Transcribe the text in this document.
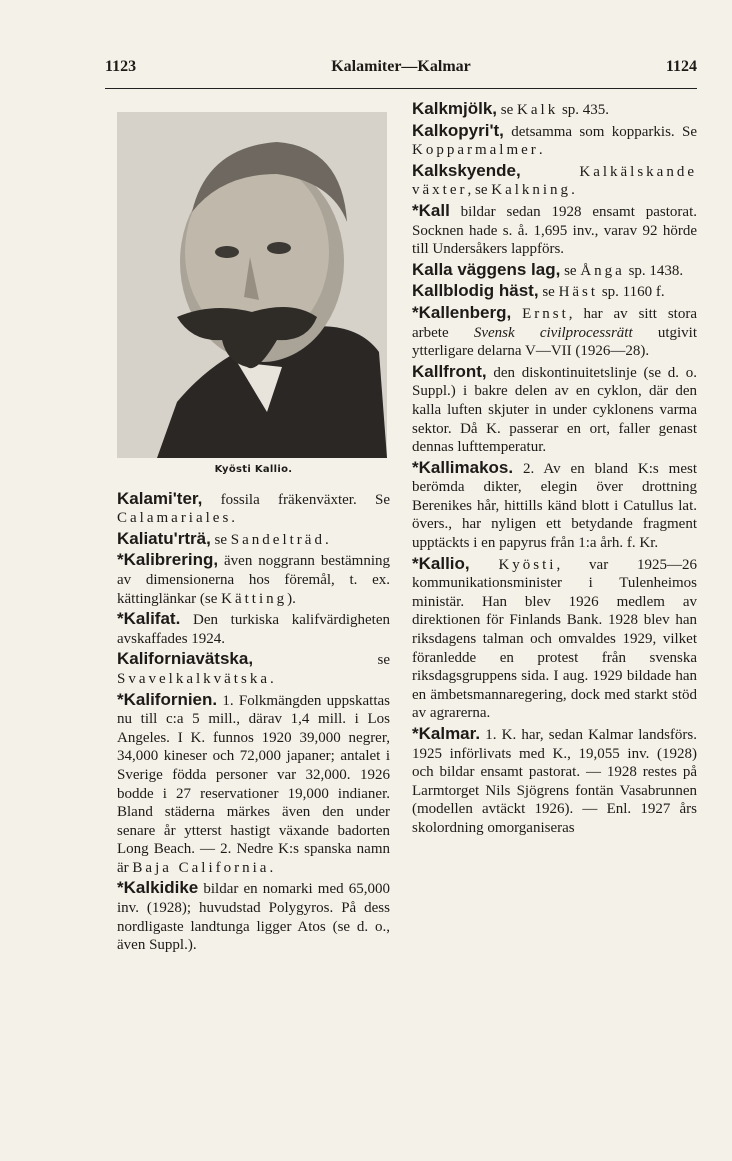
Kalamiter—Kalmar
1123	1124
Kyösti Kallio.

Kalami'ter, fossila fräkenväxter. Se Calamariales.

Kaliatu'rträ, se Sandelträd.

*Kalibrering, även noggrann bestämning av dimensionerna hos föremål, t. ex. kättinglänkar (se Kätting).

*Kalifat. Den turkiska kalifvärdigheten avskaffades 1924.

Kaliforniavätska, se Svavelkalkvätska.

*Kalifornien. 1. Folkmängden uppskattas nu till c:a 5 mill., därav 1,4 mill. i Los Angeles. I K. funnos 1920 39,000 negrer, 34,000 kineser och 72,000 japaner; antalet i Sverige födda personer var 32,000. 1926 bodde i 27 reservationer 19,000 indianer. Bland städerna märkes även den under senare år ytterst hastigt växande badorten Long Beach. — 2. Nedre K:s spanska namn är Baja California.

*Kalkidike bildar en nomarki med 65,000 inv. (1928); huvudstad Polygyros. På dess nordligaste landtunga ligger Atos (se d. o., även Suppl.).

Kalkmjölk, se Kalk sp. 435.

Kalkopyri't, detsamma som kopparkis. Se Kopparmalmer.

Kalkskyende,	Kalkälskande växter, se Kalkning.

*Kall bildar sedan 1928 ensamt pastorat. Socknen hade s. å. 1,695 inv., varav 92 hörde till Undersåkers lappförs.

Kalla väggens lag, se Ånga sp. 1438.

Kallblodig häst, se Häst sp. 1160 f.

*Kallenberg, Ernst, har av sitt stora arbete Svensk civilprocessrätt utgivit ytterligare delarna V—VII (1926—28).

Kallfront, den diskontinuitetslinje (se d. o. Suppl.) i bakre delen av en cyklon, där den kalla luften skjuter in under cyklonens varma sektor. Då K. passerar en ort, faller genast dennas lufttemperatur.

*Kallimakos. 2. Av en bland K:s mest berömda dikter, elegin över drottning Berenikes hår, hittills känd blott i Catullus lat. övers., har nyligen ett betydande fragment upptäckts i en papyrus från 1:a årh. f. Kr.

*Kallio, Kyösti, var 1925—26 kommunikationsminister i Tulenheimos ministär. Han blev 1926 medlem av direktionen för Finlands Bank. 1928 blev han riksdagens talman och omvaldes 1929, vilket föranledde en protest från svenska riksdagsgruppens sida. I aug. 1929 bildade han en ämbetsmannaregering, dock med starkt stöd av agrarerna.

*Kalmar. 1. K. har, sedan Kalmar landsförs. 1925 införlivats med K., 19,055 inv. (1928) och bildar ensamt pastorat. — 1928 restes på Larmtorget Nils Sjögrens fontän Vasabrunnen (modellen avtäckt 1926). — Enl. 1927 års skolordning omorganiseras
